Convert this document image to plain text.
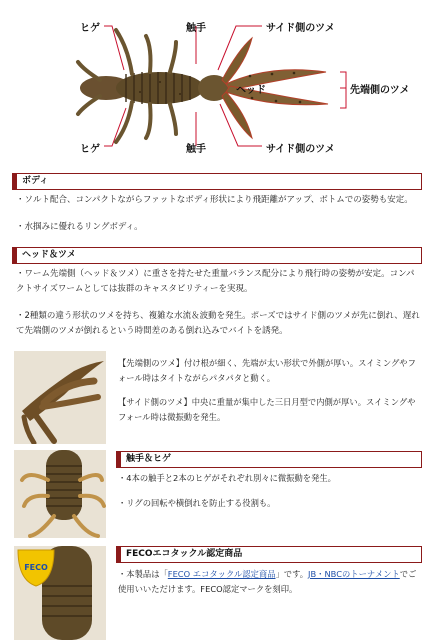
ヒゲ	触手	サイド側のツメ
ヘッド	先端側のツメ
ヒゲ	触手	サイド側のツメ
ボディ

・ソルト配合、コンパクトながらファットなボディ形状により飛距離がアップ、ボトムでの姿勢も安定。

・水掴みに優れるリングボディ。

ヘッド＆ツメ

・ワーム先端側（ヘッド＆ツメ）に重さを持たせた重量バランス配分により飛行時の姿勢が安定。コンパクトサイズワームとしては抜群のキャスタビリティーを実現。

・2種類の違う形状のツメを持ち、複雑な水流＆波動を発生。ポーズではサイド側のツメが先に倒れ、遅れて先端側のツメが倒れるという時間差のある倒れ込みでバイトを誘発。

【先端側のツメ】付け根が細く、先端が太い形状で外側が厚い。スイミングやフォール時はタイトながらパタパタと動く。

【サイド側のツメ】中央に重量が集中した三日月型で内側が厚い。スイミングやフォール時は微振動を発生。

触手＆ヒゲ

・4本の触手と2本のヒゲがそれぞれ別々に微振動を発生。

・リグの回転や横倒れを防止する役割も。

FECO
FECOエコタックル認定商品

・本製品は「FECO エコタックル認定商品」です。JB・NBCのトーナメントでご使用いいただけます。FECO認定マークを刻印。
